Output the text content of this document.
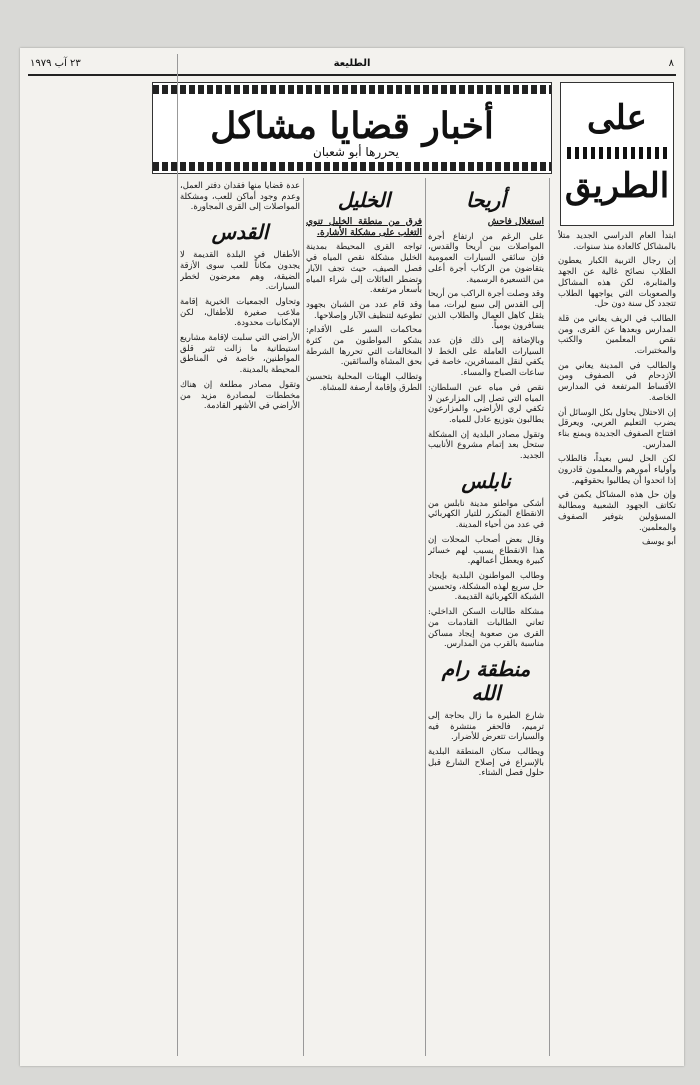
٨
الطليعة
٢٣ آب ١٩٧٩
على
الطريق
أخبار قضايا مشاكل
يحررها أبو شعبان

ابتدأ العام الدراسي الجديد متلاً بالمشاكل كالعادة منذ سنوات.

إن رجال التربية الكبار يعطون الطلاب نصائح غالية عن الجهد والمثابرة، لكن هذه المشاكل والصعوبات التي يواجهها الطلاب تتجدد كل سنة دون حل.

الطالب في الريف يعاني من قلة المدارس وبعدها عن القرى، ومن نقص المعلمين والكتب والمختبرات.

والطالب في المدينة يعاني من الازدحام في الصفوف ومن الأقساط المرتفعة في المدارس الخاصة.

إن الاحتلال يحاول بكل الوسائل أن يضرب التعليم العربي، ويعرقل افتتاح الصفوف الجديدة ويمنع بناء المدارس.

لكن الحل ليس بعيداً، فالطلاب وأولياء أمورهم والمعلمون قادرون إذا اتحدوا أن يطالبوا بحقوقهم.

وإن حل هذه المشاكل يكمن في تكاتف الجهود الشعبية ومطالبة المسؤولين بتوفير الصفوف والمعلمين.

أبو يوسف

أريحا
استغلال فاحش

على الرغم من ارتفاع أجرة المواصلات بين أريحا والقدس، فإن سائقي السيارات العمومية يتقاضون من الركاب أجرة أعلى من التسعيرة الرسمية.

وقد وصلت أجرة الراكب من أريحا إلى القدس إلى سبع ليرات، مما يثقل كاهل العمال والطلاب الذين يسافرون يومياً.

وبالإضافة إلى ذلك فإن عدد السيارات العاملة على الخط لا يكفي لنقل المسافرين، خاصة في ساعات الصباح والمساء.

نقص في مياه عين السلطان: المياه التي تصل إلى المزارعين لا تكفي لري الأراضي، والمزارعون يطالبون بتوزيع عادل للمياه.

وتقول مصادر البلدية إن المشكلة ستحل بعد إتمام مشروع الأنابيب الجديد.

نابلس

أشكى مواطنو مدينة نابلس من الانقطاع المتكرر للتيار الكهربائي في عدد من أحياء المدينة.

وقال بعض أصحاب المحلات إن هذا الانقطاع يسبب لهم خسائر كبيرة ويعطل أعمالهم.

وطالب المواطنون البلدية بإيجاد حل سريع لهذه المشكلة، وتحسين الشبكة الكهربائية القديمة.

مشكلة طالبات السكن الداخلي: تعاني الطالبات القادمات من القرى من صعوبة إيجاد مساكن مناسبة بالقرب من المدارس.

منطقة رام الله

شارع الطيرة ما زال بحاجة إلى ترميم، فالحفر منتشرة فيه والسيارات تتعرض للأضرار.

ويطالب سكان المنطقة البلدية بالإسراع في إصلاح الشارع قبل حلول فصل الشتاء.

الخليل
فرق من منطقة الخليل تنوي التغلب على مشكلة الأشارة.

تواجه القرى المحيطة بمدينة الخليل مشكلة نقص المياه في فصل الصيف، حيث تجف الآبار وتضطر العائلات إلى شراء المياه بأسعار مرتفعة.

وقد قام عدد من الشبان بجهود تطوعية لتنظيف الآبار وإصلاحها.

محاكمات السير على الأقدام: يشكو المواطنون من كثرة المخالفات التي تحررها الشرطة بحق المشاة والسائقين.

وتطالب الهيئات المحلية بتحسين الطرق وإقامة أرصفة للمشاة.

عدة قضايا منها فقدان دفتر العمل، وعدم وجود أماكن للعب، ومشكلة المواصلات إلى القرى المجاورة.

القدس

الأطفال في البلدة القديمة لا يجدون مكاناً للعب سوى الأزقة الضيقة، وهم معرضون لخطر السيارات.

وتحاول الجمعيات الخيرية إقامة ملاعب صغيرة للأطفال، لكن الإمكانيات محدودة.

الأراضي التي سلبت لإقامة مشاريع استيطانية ما زالت تثير قلق المواطنين، خاصة في المناطق المحيطة بالمدينة.

وتقول مصادر مطلعة إن هناك مخططات لمصادرة مزيد من الأراضي في الأشهر القادمة.
